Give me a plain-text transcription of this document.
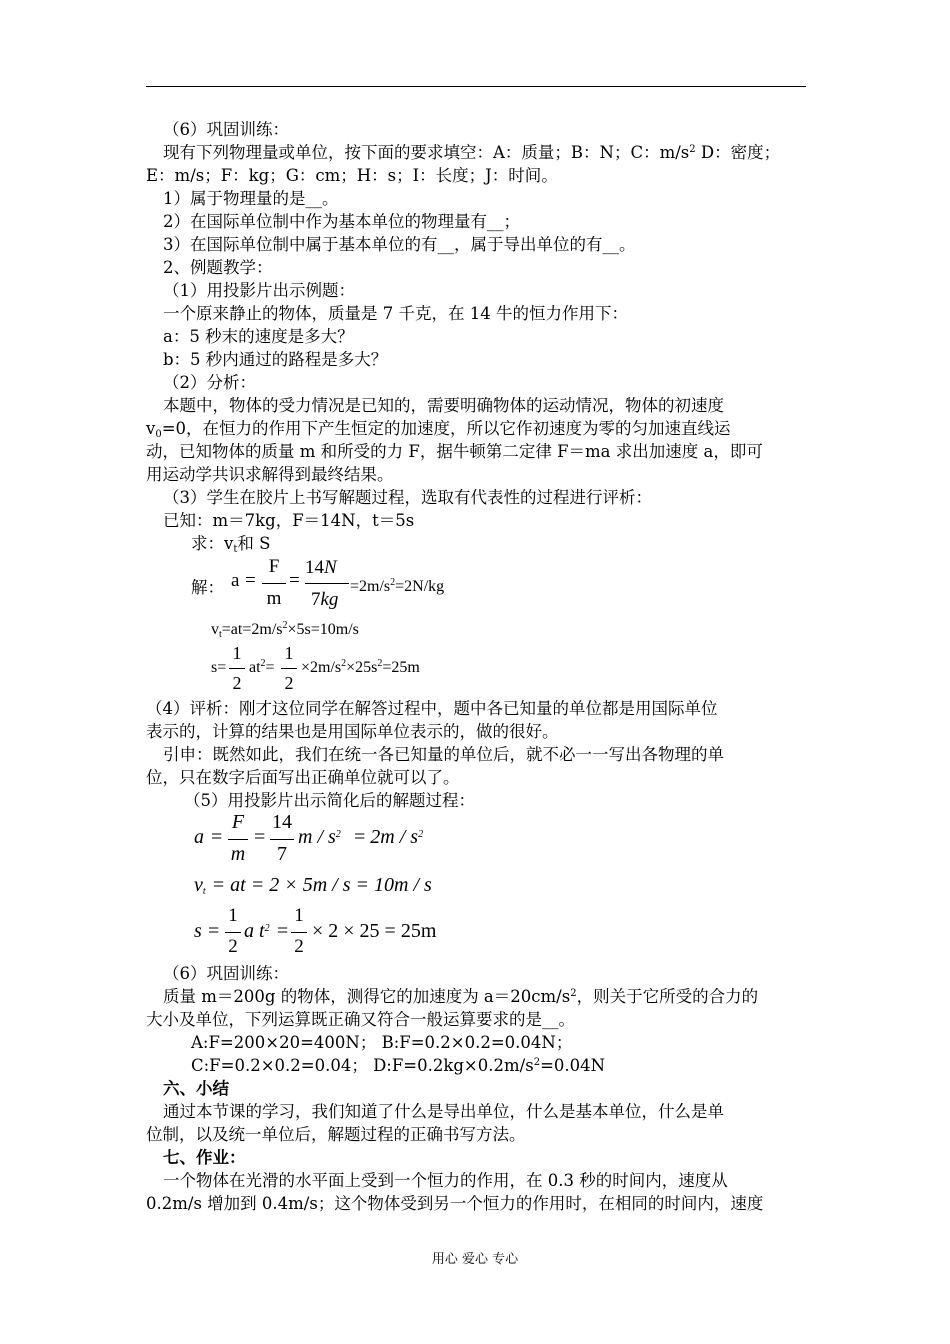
（6）巩固训练：
现有下列物理量或单位，按下面的要求填空：A：质量；B：N；C：$m/s^2$ D：密度；
E：m/s；F：kg；G：cm；H：s；I：长度；J：时间。
1）属于物理量的是__。
2）在国际单位制中作为基本单位的物理量有__；
3）在国际单位制中属于基本单位的有__，属于导出单位的有__。
2、例题教学：
（1）用投影片出示例题：
一个原来静止的物体，质量是 7 千克，在 14 牛的恒力作用下：
a：5 秒末的速度是多大？
b：5 秒内通过的路程是多大？
（2）分析：
本题中，物体的受力情况是已知的，需要明确物体的运动情况，物体的初速度
$v_0=0$，在恒力的作用下产生恒定的加速度，所以它作初速度为零的匀加速直线运
动，已知物体的质量 m 和所受的力 F，据牛顿第二定律 F＝ma 求出加速度 a，即可
用运动学共识求解得到最终结果。
（3）学生在胶片上书写解题过程，选取有代表性的过程进行评析：
已知：m＝7kg，F＝14N，t＝5s
求：$v_t$和 S
解： a =
F
m
=
14N
7kg
$=2m/s^2=2N/kg$
$v_t=at=2m/s^2\times 5s=10m/s$
s=
1
2
$at^2=$
1
2
$\times 2m/s^2\times 25s^2=25m$
（4）评析：刚才这位同学在解答过程中，题中各已知量的单位都是用国际单位
表示的，计算的结果也是用国际单位表示的，做的很好。
引申：既然如此，我们在统一各已知量的单位后，就不必一一写出各物理的单
位，只在数字后面写出正确单位就可以了。
（5）用投影片出示简化后的解题过程：
a =
F
m
=
14
7
$m / s^2 = 2m / s^2$
$v_t$ = at = 2 × 5m / s = 10m / s
s =
1
2
a $t^2$ =
1
2
× 2 × 25 = 25m
（6）巩固训练：
质量 m＝200g 的物体，测得它的加速度为 $a=20cm/s^2$，则关于它所受的合力的
大小及单位，下列运算既正确又符合一般运算要求的是__。
A:F=200×20=400N； B:F=0.2×0.2=0.04N；
C:F=0.2×0.2=0.04； $D:F=0.2kg\times 0.2m/s^2=0.04N$
六、小结
通过本节课的学习，我们知道了什么是导出单位，什么是基本单位，什么是单
位制，以及统一单位后，解题过程的正确书写方法。
七、作业：
一个物体在光滑的水平面上受到一个恒力的作用，在 0.3 秒的时间内，速度从
0.2m/s 增加到 0.4m/s；这个物体受到另一个恒力的作用时，在相同的时间内，速度
用心 爱心 专心
